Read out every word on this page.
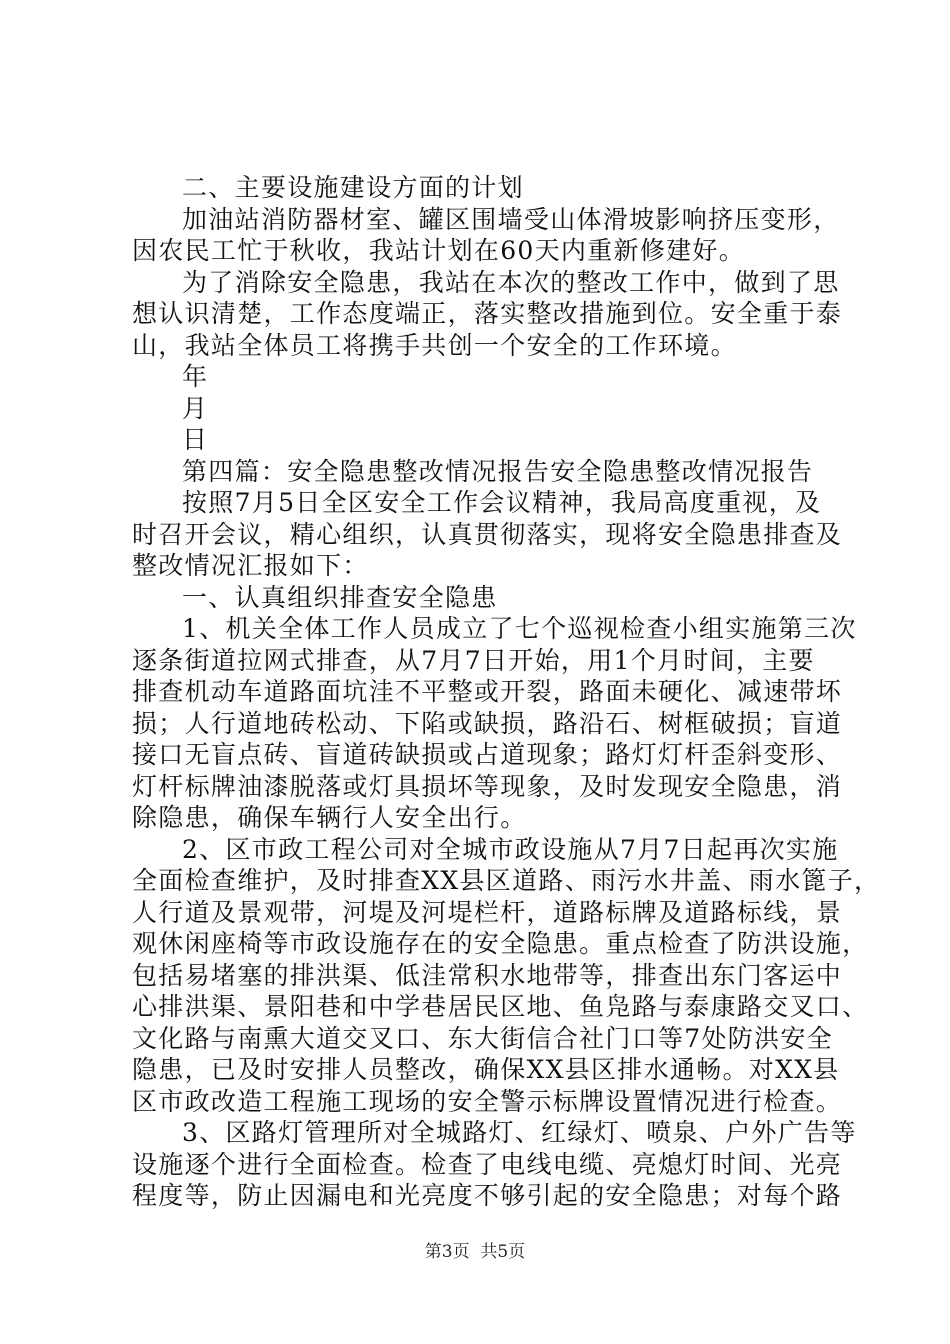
二、主要设施建设方面的计划
加油站消防器材室、罐区围墙受山体滑坡影响挤压变形，
因农民工忙于秋收，我站计划在60天内重新修建好。
为了消除安全隐患，我站在本次的整改工作中，做到了思
想认识清楚，工作态度端正，落实整改措施到位。安全重于泰
山，我站全体员工将携手共创一个安全的工作环境。
年
月
日
第四篇：安全隐患整改情况报告安全隐患整改情况报告
按照7月5日全区安全工作会议精神，我局高度重视，及
时召开会议，精心组织，认真贯彻落实，现将安全隐患排查及
整改情况汇报如下：
一、认真组织排查安全隐患
1、机关全体工作人员成立了七个巡视检查小组实施第三次
逐条街道拉网式排查，从7月7日开始，用1个月时间，主要
排查机动车道路面坑洼不平整或开裂，路面未硬化、减速带坏
损；人行道地砖松动、下陷或缺损，路沿石、树框破损；盲道
接口无盲点砖、盲道砖缺损或占道现象；路灯灯杆歪斜变形、
灯杆标牌油漆脱落或灯具损坏等现象，及时发现安全隐患，消
除隐患，确保车辆行人安全出行。
2、区市政工程公司对全城市政设施从7月7日起再次实施
全面检查维护，及时排查XX县区道路、雨污水井盖、雨水篦子，
人行道及景观带，河堤及河堤栏杆，道路标牌及道路标线，景
观休闲座椅等市政设施存在的安全隐患。重点检查了防洪设施，
包括易堵塞的排洪渠、低洼常积水地带等，排查出东门客运中
心排洪渠、景阳巷和中学巷居民区地、鱼凫路与泰康路交叉口、
文化路与南熏大道交叉口、东大街信合社门口等7处防洪安全
隐患，已及时安排人员整改，确保XX县区排水通畅。对XX县
区市政改造工程施工现场的安全警示标牌设置情况进行检查。
3、区路灯管理所对全城路灯、红绿灯、喷泉、户外广告等
设施逐个进行全面检查。检查了电线电缆、亮熄灯时间、光亮
程度等，防止因漏电和光亮度不够引起的安全隐患；对每个路
第3页  共5页
